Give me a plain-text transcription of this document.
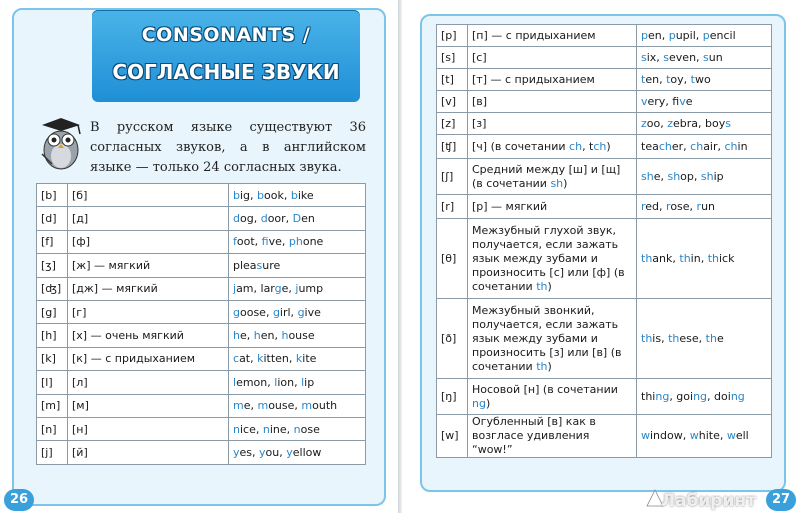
CONSONANTS /
СОГЛАСНЫЕ ЗВУКИ
В русском языке существуют 36 согласных звуков, а в английском языке — только 24 согласных звука.
[b]	[б]	big, book, bike
[d]	[д]	dog, door, Den
[f]	[ф]	foot, five, phone
[ʒ]	[ж] — мягкий	pleasure
[ʤ]	[дж] — мягкий	jam, large, jump
[g]	[г]	goose, girl, give
[h]	[х] — очень мягкий	he, hen, house
[k]	[к] — с придыханием	cat, kitten, kite
[l]	[л]	lemon, lion, lip
[m]	[м]	me, mouse, mouth
[n]	[н]	nice, nine, nose
[j]	[й]	yes, you, yellow
26
[p]	[п] — с придыханием	pen, pupil, pencil
[s]	[с]	six, seven, sun
[t]	[т] — с придыханием	ten, toy, two
[v]	[в]	very, five
[z]	[з]	zoo, zebra, boys
[ʧ]	[ч] (в сочетании ch, tch)	teacher, chair, chin
[ʃ]	Средний между [ш] и [щ] (в сочетании sh)	she, shop, ship
[r]	[р] — мягкий	red, rose, run
[θ]	Межзубный глухой звук, получается, если зажать язык между зубами и произносить [с] или [ф] (в сочетании th)	thank, thin, thick
[ð]	Межзубный звонкий, получается, если зажать язык между зубами и произносить [з] или [в] (в сочетании th)	this, these, the
[ŋ]	Носовой [н] (в сочетании ng)	thing, going, doing
[w]	Огубленный [в] как в возгласе удивления “wow!”	window, white, well
Лабиринт	27
